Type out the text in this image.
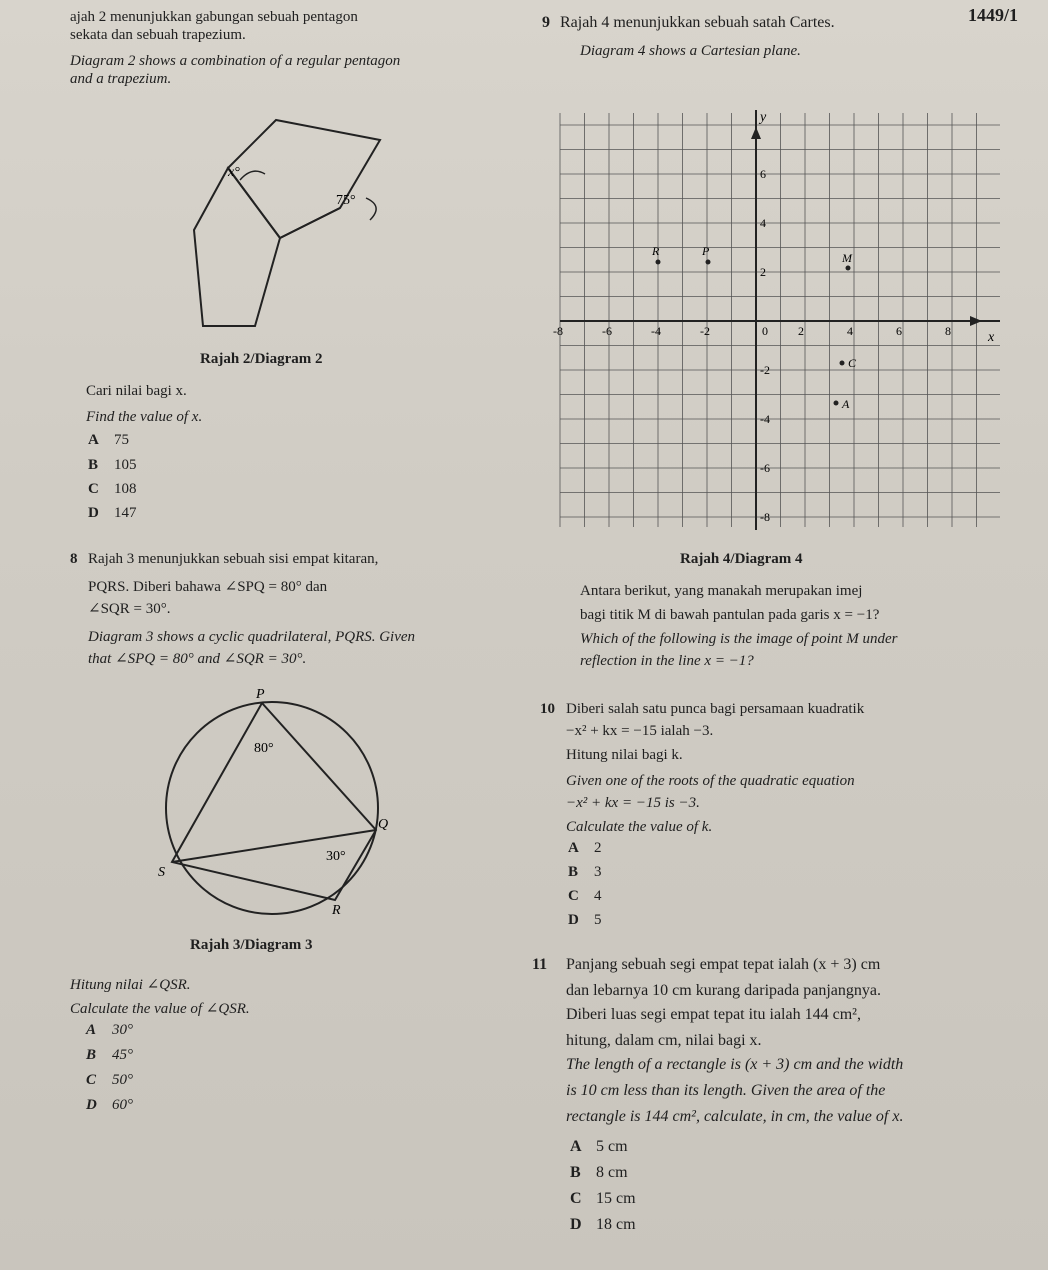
1449/1
ajah 2 menunjukkan gabungan sebuah pentagon
sekata dan sebuah trapezium.
Diagram 2 shows a combination of a regular pentagon
and a trapezium.
x°
75°
Rajah 2/Diagram 2
Cari nilai bagi x.
Find the value of x.
A 75
B 105
C 108
D 147
8 Rajah 3 menunjukkan sebuah sisi empat kitaran,
PQRS. Diberi bahawa ∠SPQ = 80° dan
∠SQR = 30°.
Diagram 3 shows a cyclic quadrilateral, PQRS. Given
that ∠SPQ = 80° and ∠SQR = 30°.
P
Q
R
S
80°
30°
Rajah 3/Diagram 3
Hitung nilai ∠QSR.
Calculate the value of ∠QSR.
A 30°
B 45°
C 50°
D 60°
9 Rajah 4 menunjukkan sebuah satah Cartes.
Diagram 4 shows a Cartesian plane.
y
x
0
-8	-6	-4	-2	2	4	6	8
6
4
2
-2
-4
-6
-8
R	P	M
C
A
Rajah 4/Diagram 4
Antara berikut, yang manakah merupakan imej
bagi titik M di bawah pantulan pada garis x = −1?
Which of the following is the image of point M under
reflection in the line x = −1?
10 Diberi salah satu punca bagi persamaan kuadratik
−x² + kx = −15 ialah −3.
Hitung nilai bagi k.
Given one of the roots of the quadratic equation
−x² + kx = −15 is −3.
Calculate the value of k.
A 2
B 3
C 4
D 5
11 Panjang sebuah segi empat tepat ialah (x + 3) cm
dan lebarnya 10 cm kurang daripada panjangnya.
Diberi luas segi empat tepat itu ialah 144 cm²,
hitung, dalam cm, nilai bagi x.
The length of a rectangle is (x + 3) cm and the width
is 10 cm less than its length. Given the area of the
rectangle is 144 cm², calculate, in cm, the value of x.
A 5 cm
B 8 cm
C 15 cm
D 18 cm
